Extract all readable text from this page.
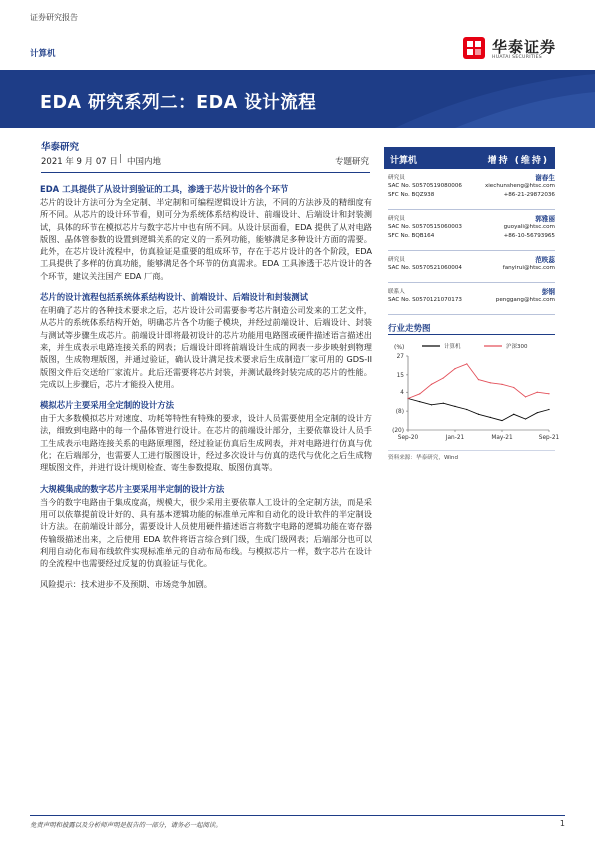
证券研究报告
计算机	华泰证券
HUATAI SECURITIES
EDA 研究系列二：EDA 设计流程
华泰研究
2021 年 9 月 07 日 | 中国内地	专题研究
EDA 工具提供了从设计到验证的工具，渗透于芯片设计的各个环节

芯片的设计方法可分为全定制、半定制和可编程逻辑设计方法，不同的方法涉及的精细度有所不同。从芯片的设计环节看，则可分为系统体系结构设计、前端设计、后端设计和封装测试，具体的环节在模拟芯片与数字芯片中也有所不同。从设计层面看，EDA 提供了从对电路版图、晶体管参数的设置到逻辑关系的定义的一系列功能，能够满足多种设计方面的需要。此外，在芯片设计流程中，仿真验证是重要的组成环节，存在于芯片设计的各个阶段，EDA 工具提供了多样的仿真功能，能够满足各个环节的仿真需求。EDA 工具渗透于芯片设计的各个环节，建议关注国产 EDA 厂商。

芯片的设计流程包括系统体系结构设计、前端设计、后端设计和封装测试

在明确了芯片的各种技术要求之后，芯片设计公司需要参考芯片制造公司发来的工艺文件，从芯片的系统体系结构开始，明确芯片各个功能子模块，并经过前端设计、后端设计、封装与测试等步骤生成芯片。前端设计即将最初设计的芯片功能用电路图或硬件描述语言描述出来，并生成表示电路连接关系的网表；后端设计即将前端设计生成的网表一步步映射到物理版图，生成物理版图，并通过验证，确认设计满足技术要求后生成制造厂家可用的 GDS-II 版图文件后交送给厂家流片。此后还需要将芯片封装，并测试最终封装完成的芯片的性能。完成以上步骤后，芯片才能投入使用。

模拟芯片主要采用全定制的设计方法

由于大多数模拟芯片对速度、功耗等特性有特殊的要求，设计人员需要使用全定制的设计方法，细致到电路中的每一个晶体管进行设计。在芯片的前端设计部分，主要依靠设计人员手工生成表示电路连接关系的电路原理图，经过验证仿真后生成网表，并对电路进行仿真与优化；在后端部分，也需要人工进行版图设计，经过多次设计与仿真的迭代与优化之后生成物理版图文件，并进行设计规则检查、寄生参数提取、版图仿真等。

大规模集成的数字芯片主要采用半定制的设计方法

当今的数字电路由于集成度高，规模大，很少采用主要依靠人工设计的全定制方法，而是采用可以依靠提前设计好的、具有基本逻辑功能的标准单元库和自动化的设计软件的半定制设计方法。在前端设计部分，需要设计人员使用硬件描述语言将数字电路的逻辑功能在寄存器传输级描述出来，之后使用 EDA 软件将语言综合到门级，生成门级网表；后端部分也可以利用自动化布局布线软件实现标准单元的自动布局布线。与模拟芯片一样，数字芯片在设计的全流程中也需要经过反复的仿真验证与优化。

风险提示：技术进步不及预期、市场竞争加剧。

计算机	增持 (维持)
研究员	谢春生
SAC No. S0570519080006	xiechunsheng@htsc.com
SFC No. BQZ938	+86-21-29872036
研究员	郭雅丽
SAC No. S0570515060003	guoyali@htsc.com
SFC No. BQB164	+86-10-56793965
研究员	范昳蕊
SAC No. S0570521060004	fanyirui@htsc.com
联系人	彭钢
SAC No. S0570121070173	penggang@htsc.com
行业走势图
(%)	计算机	沪深300
27
15
4
(8)
(20)
Sep-20	Jan-21	May-21	Sep-21
资料来源：华泰研究，Wind
免责声明和披露以及分析师声明是报告的一部分，请务必一起阅读。	1
